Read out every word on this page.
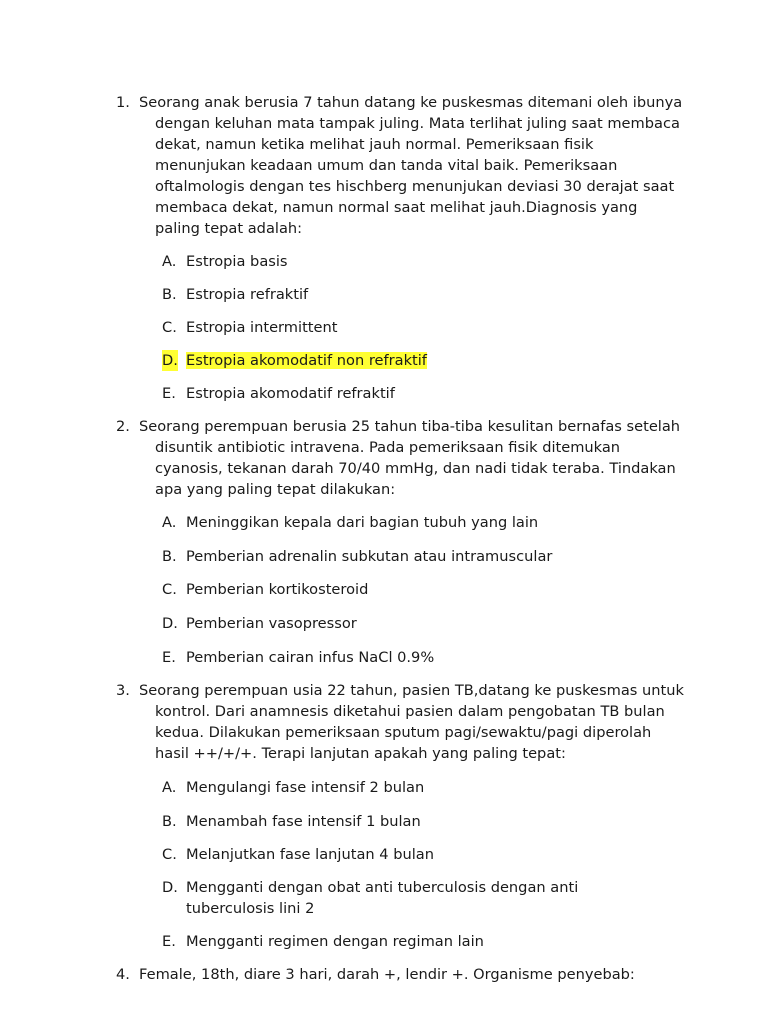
1. Seorang anak berusia 7 tahun datang ke puskesmas ditemani oleh ibunya dengan keluhan mata tampak juling. Mata terlihat juling saat membaca dekat, namun ketika melihat jauh normal. Pemeriksaan fisik menunjukan keadaan umum dan tanda vital baik. Pemeriksaan oftalmologis dengan tes hischberg menunjukan deviasi 30 derajat saat membaca dekat, namun normal saat melihat jauh.Diagnosis yang paling tepat adalah:

A. Estropia basis
B. Estropia refraktif
C. Estropia intermittent
D. Estropia akomodatif non refraktif
E. Estropia akomodatif refraktif
2. Seorang perempuan berusia 25 tahun tiba-tiba kesulitan bernafas setelah disuntik antibiotic intravena. Pada pemeriksaan fisik ditemukan cyanosis, tekanan darah 70/40 mmHg, dan nadi tidak teraba. Tindakan apa yang paling tepat dilakukan:

A. Meninggikan kepala dari bagian tubuh yang lain
B. Pemberian adrenalin subkutan atau intramuscular
C. Pemberian kortikosteroid
D. Pemberian vasopressor
E. Pemberian cairan infus NaCl 0.9%
3. Seorang perempuan usia 22 tahun, pasien TB,datang ke puskesmas untuk kontrol. Dari anamnesis diketahui pasien dalam pengobatan TB bulan kedua. Dilakukan pemeriksaan sputum pagi/sewaktu/pagi diperolah hasil ++/+/+. Terapi lanjutan apakah yang paling tepat:

A. Mengulangi fase intensif 2 bulan
B. Menambah fase intensif 1 bulan
C. Melanjutkan fase lanjutan 4 bulan
D. Mengganti dengan obat anti tuberculosis dengan anti tuberculosis lini 2
E. Mengganti regimen dengan regiman lain
4. Female, 18th, diare 3 hari, darah +, lendir +. Organisme penyebab:
